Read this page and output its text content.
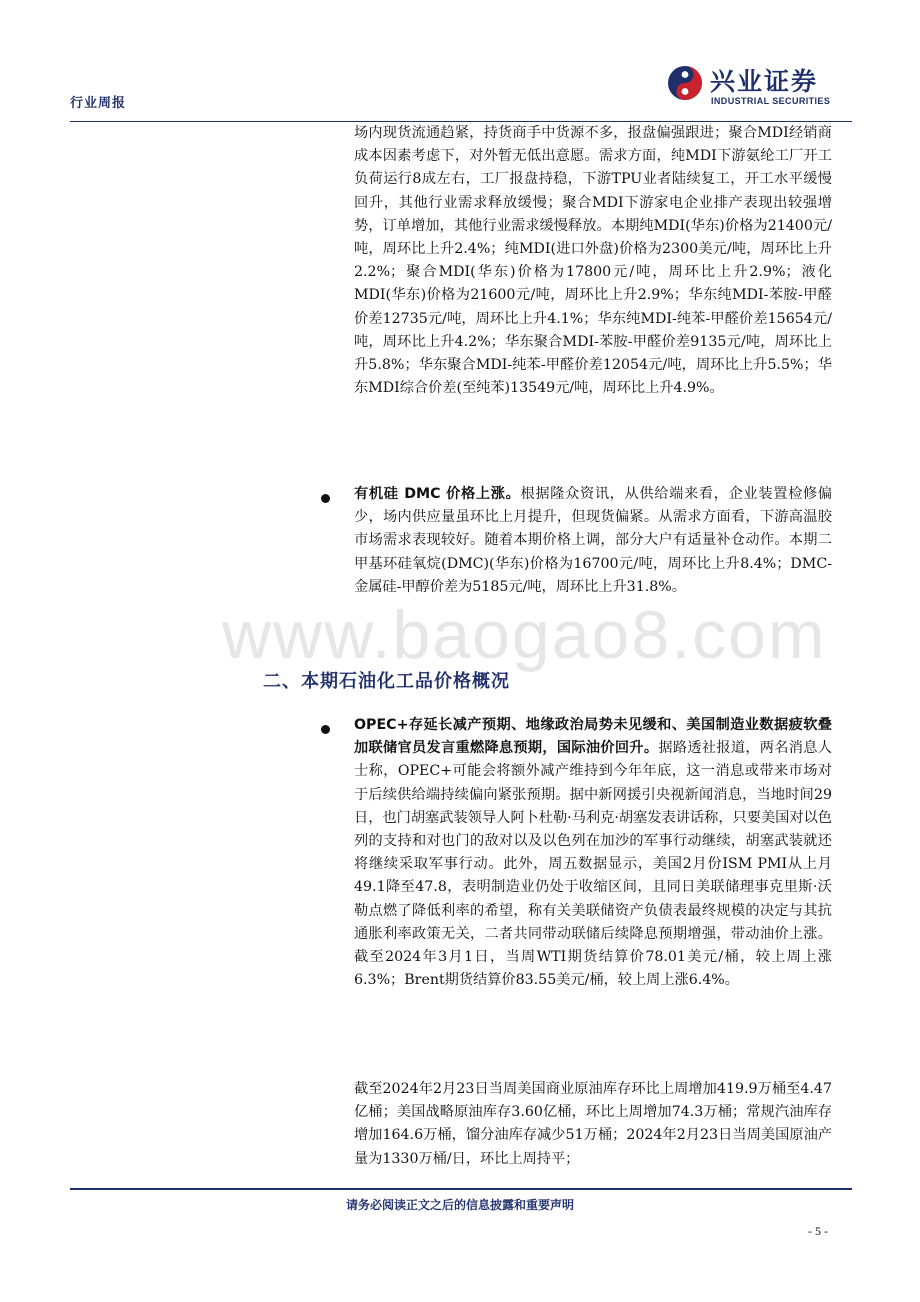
行业周报
兴业证券
INDUSTRIAL SECURITIES
场内现货流通趋紧，持货商手中货源不多，报盘偏强跟进；聚合MDI经销商成本因素考虑下，对外暂无低出意愿。需求方面，纯MDI下游氨纶工厂开工负荷运行8成左右，工厂报盘持稳，下游TPU业者陆续复工，开工水平缓慢回升，其他行业需求释放缓慢；聚合MDI下游家电企业排产表现出较强增势，订单增加，其他行业需求缓慢释放。本期纯MDI(华东)价格为21400元/吨，周环比上升2.4%；纯MDI(进口外盘)价格为2300美元/吨，周环比上升2.2%；聚合MDI(华东)价格为17800元/吨，周环比上升2.9%；液化MDI(华东)价格为21600元/吨，周环比上升2.9%；华东纯MDI-苯胺-甲醛价差12735元/吨，周环比上升4.1%；华东纯MDI-纯苯-甲醛价差15654元/吨，周环比上升4.2%；华东聚合MDI-苯胺-甲醛价差9135元/吨，周环比上升5.8%；华东聚合MDI-纯苯-甲醛价差12054元/吨，周环比上升5.5%；华东MDI综合价差(至纯苯)13549元/吨，周环比上升4.9%。
有机硅 DMC 价格上涨。根据隆众资讯，从供给端来看，企业装置检修偏少，场内供应量虽环比上月提升，但现货偏紧。从需求方面看，下游高温胶市场需求表现较好。随着本期价格上调，部分大户有适量补仓动作。本期二甲基环硅氧烷(DMC)(华东)价格为16700元/吨，周环比上升8.4%；DMC-金属硅-甲醇价差为5185元/吨，周环比上升31.8%。
www.baogao8.com
二、本期石油化工品价格概况
OPEC+存延长减产预期、地缘政治局势未见缓和、美国制造业数据疲软叠加联储官员发言重燃降息预期，国际油价回升。据路透社报道，两名消息人士称，OPEC+可能会将额外减产维持到今年年底，这一消息或带来市场对于后续供给端持续偏向紧张预期。据中新网援引央视新闻消息，当地时间29日，也门胡塞武装领导人阿卜杜勒·马利克·胡塞发表讲话称，只要美国对以色列的支持和对也门的敌对以及以色列在加沙的军事行动继续，胡塞武装就还将继续采取军事行动。此外，周五数据显示，美国2月份ISM PMI从上月49.1降至47.8，表明制造业仍处于收缩区间，且同日美联储理事克里斯·沃勒点燃了降低利率的希望，称有关美联储资产负债表最终规模的决定与其抗通胀利率政策无关，二者共同带动联储后续降息预期增强，带动油价上涨。截至2024年3月1日，当周WTI期货结算价78.01美元/桶，较上周上涨6.3%；Brent期货结算价83.55美元/桶，较上周上涨6.4%。
截至2024年2月23日当周美国商业原油库存环比上周增加419.9万桶至4.47亿桶；美国战略原油库存3.60亿桶，环比上周增加74.3万桶；常规汽油库存增加164.6万桶，馏分油库存减少51万桶；2024年2月23日当周美国原油产量为1330万桶/日，环比上周持平；
请务必阅读正文之后的信息披露和重要声明
- 5 -
